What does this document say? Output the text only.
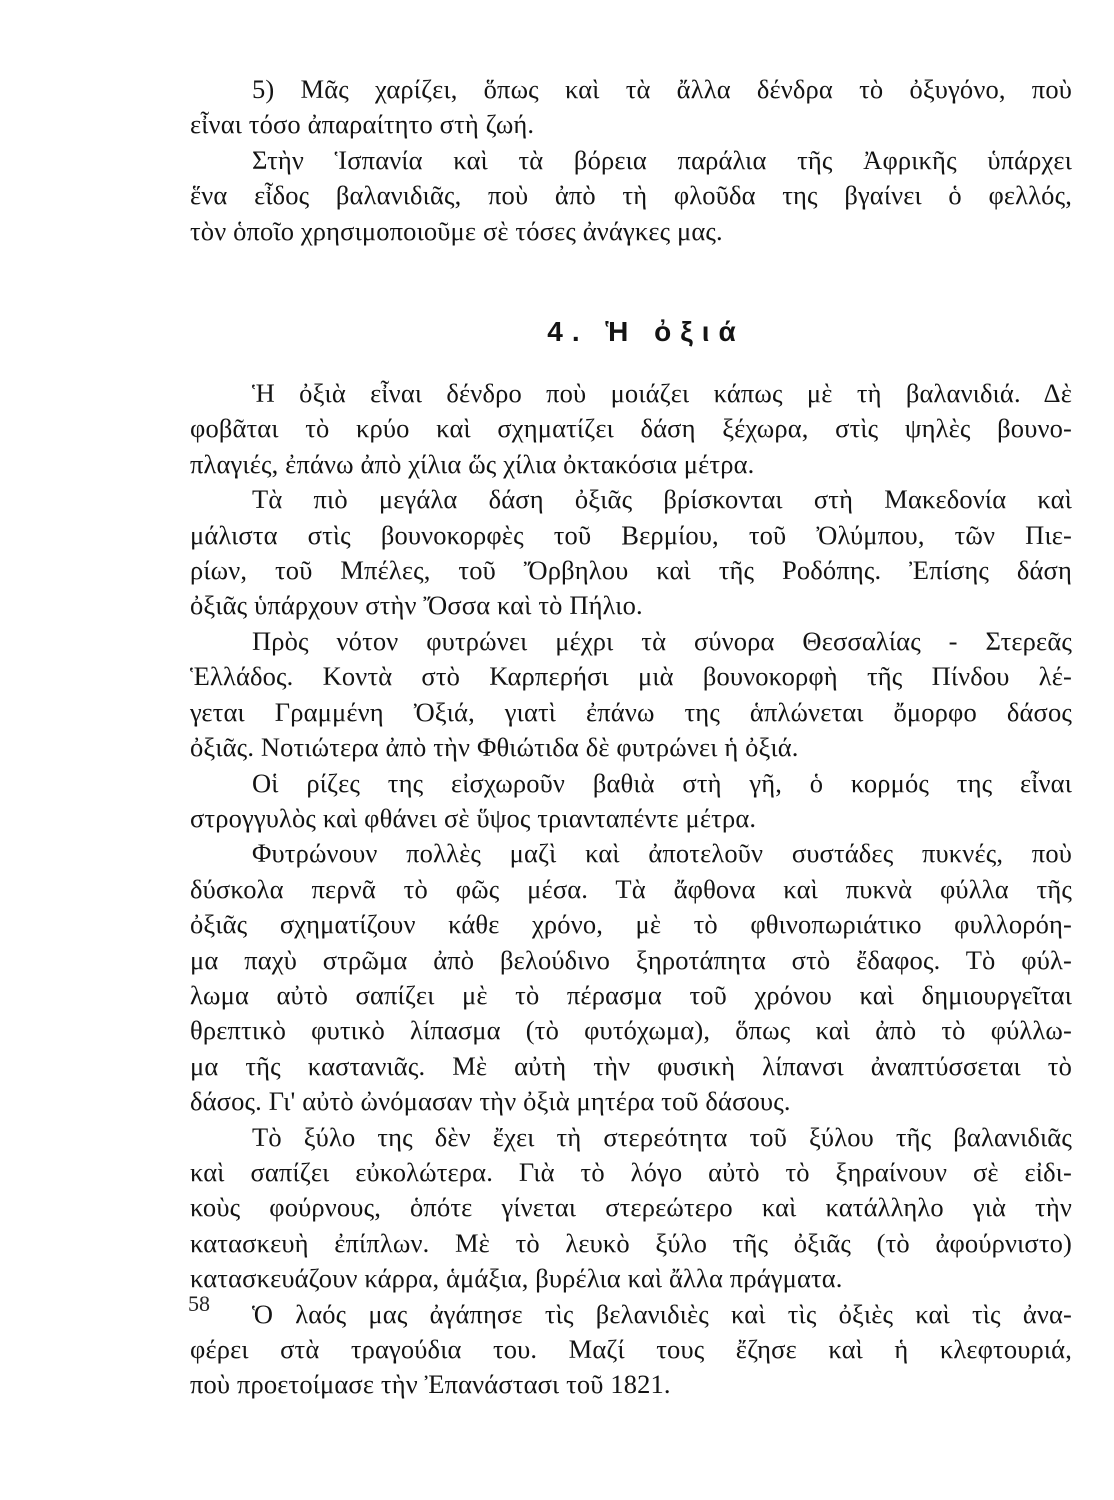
5) Μᾶς χαρίζει, ὅπως καὶ τὰ ἄλλα δένδρα τὸ ὀξυγόνο, ποὺ
εἶναι τόσο ἀπαραίτητο στὴ ζωή.

Στὴν Ἱσπανία καὶ τὰ βόρεια παράλια τῆς Ἀφρικῆς ὑπάρχει
ἕνα εἶδος βαλανιδιᾶς, ποὺ ἀπὸ τὴ φλοῦδα της βγαίνει ὁ φελλός,
τὸν ὁποῖο χρησιμοποιοῦμε σὲ τόσες ἀνάγκες μας.

4. Ἡ ὀξιά

Ἡ ὀξιὰ εἶναι δένδρο ποὺ μοιάζει κάπως μὲ τὴ βαλανιδιά. Δὲ
φοβᾶται τὸ κρύο καὶ σχηματίζει δάση ξέχωρα, στὶς ψηλὲς βουνο-
πλαγιές, ἐπάνω ἀπὸ χίλια ὥς χίλια ὀκτακόσια μέτρα.

Τὰ πιὸ μεγάλα δάση ὀξιᾶς βρίσκονται στὴ Μακεδονία καὶ
μάλιστα στὶς βουνοκορφὲς τοῦ Βερμίου, τοῦ Ὀλύμπου, τῶν Πιε-
ρίων, τοῦ Μπέλες, τοῦ Ὄρβηλου καὶ τῆς Ροδόπης. Ἐπίσης δάση
ὀξιᾶς ὑπάρχουν στὴν Ὄσσα καὶ τὸ Πήλιο.

Πρὸς νότον φυτρώνει μέχρι τὰ σύνορα Θεσσαλίας - Στερεᾶς
Ἑλλάδος. Κοντὰ στὸ Καρπερήσι μιὰ βουνοκορφὴ τῆς Πίνδου λέ-
γεται Γραμμένη Ὀξιά, γιατὶ ἐπάνω της ἁπλώνεται ὄμορφο δάσος
ὀξιᾶς. Νοτιώτερα ἀπὸ τὴν Φθιώτιδα δὲ φυτρώνει ἡ ὀξιά.

Οἱ ρίζες της εἰσχωροῦν βαθιὰ στὴ γῆ, ὁ κορμός της εἶναι
στρογγυλὸς καὶ φθάνει σὲ ὕψος τριανταπέντε μέτρα.

Φυτρώνουν πολλὲς μαζὶ καὶ ἀποτελοῦν συστάδες πυκνές, ποὺ
δύσκολα περνᾶ τὸ φῶς μέσα. Τὰ ἄφθονα καὶ πυκνὰ φύλλα τῆς
ὀξιᾶς σχηματίζουν κάθε χρόνο, μὲ τὸ φθινοπωριάτικο φυλλορόη-
μα παχὺ στρῶμα ἀπὸ βελούδινο ξηροτάπητα στὸ ἔδαφος. Τὸ φύλ-
λωμα αὐτὸ σαπίζει μὲ τὸ πέρασμα τοῦ χρόνου καὶ δημιουργεῖται
θρεπτικὸ φυτικὸ λίπασμα (τὸ φυτόχωμα), ὅπως καὶ ἀπὸ τὸ φύλλω-
μα τῆς καστανιᾶς. Μὲ αὐτὴ τὴν φυσικὴ λίπανσι ἀναπτύσσεται τὸ
δάσος. Γι' αὐτὸ ὠνόμασαν τὴν ὀξιὰ μητέρα τοῦ δάσους.

Τὸ ξύλο της δὲν ἔχει τὴ στερεότητα τοῦ ξύλου τῆς βαλανιδιᾶς
καὶ σαπίζει εὐκολώτερα. Γιὰ τὸ λόγο αὐτὸ τὸ ξηραίνουν σὲ εἰδι-
κοὺς φούρνους, ὁπότε γίνεται στερεώτερο καὶ κατάλληλο γιὰ τὴν
κατασκευὴ ἐπίπλων. Μὲ τὸ λευκὸ ξύλο τῆς ὀξιᾶς (τὸ ἀφούρνιστο)
κατασκευάζουν κάρρα, ἁμάξια, βυρέλια καὶ ἄλλα πράγματα.

Ὁ λαός μας ἀγάπησε τὶς βελανιδιὲς καὶ τὶς ὀξιὲς καὶ τὶς ἀνα-
φέρει στὰ τραγούδια του. Μαζί τους ἔζησε καὶ ἡ κλεφτουριά,
ποὺ προετοίμασε τὴν Ἐπανάστασι τοῦ 1821.

58
